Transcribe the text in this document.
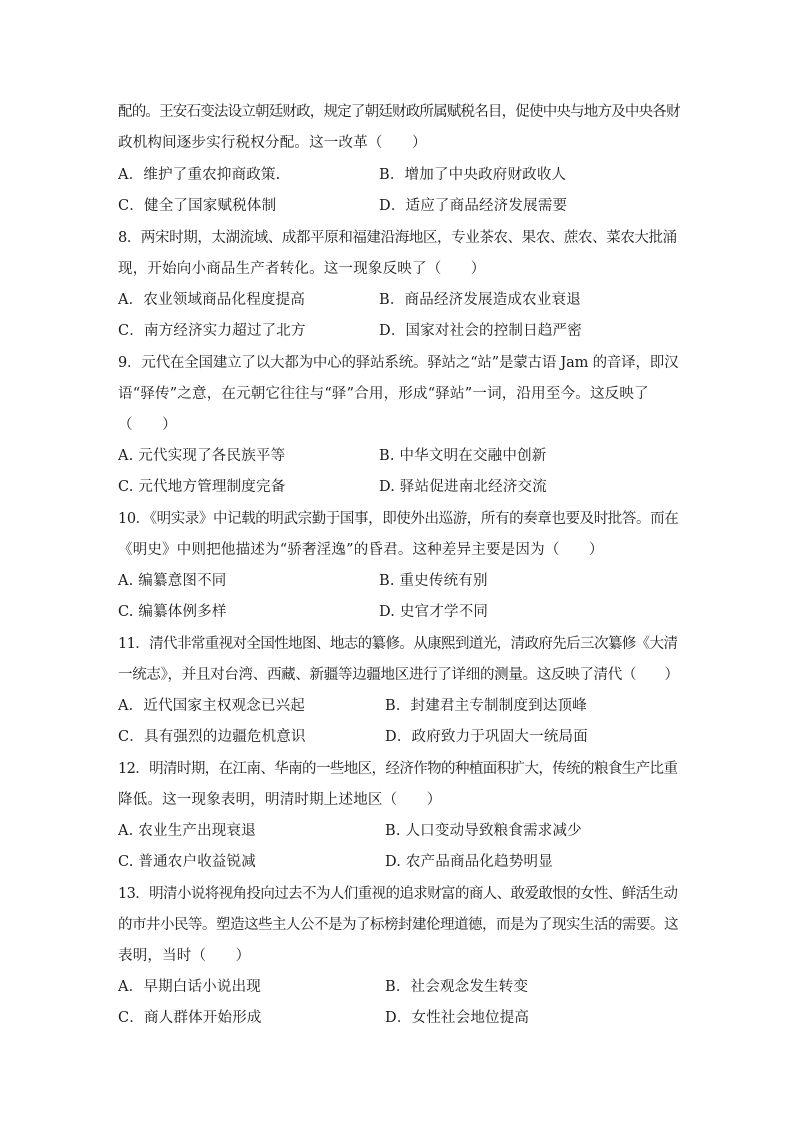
配的。王安石变法设立朝廷财政，规定了朝廷财政所属赋税名目，促使中央与地方及中央各财
政机构间逐步实行税权分配。这一改革（　　）
A．维护了重农抑商政策.	B．增加了中央政府财政收人
C．健全了国家赋税体制	D．适应了商品经济发展需要
8．两宋时期，太湖流域、成都平原和福建沿海地区，专业茶农、果农、蔗农、菜农大批涌
现，开始向小商品生产者转化。这一现象反映了（　　）
A．农业领域商品化程度提高	B．商品经济发展造成农业衰退
C．南方经济实力超过了北方	D．国家对社会的控制日趋严密
9．元代在全国建立了以大都为中心的驿站系统。驿站之“站”是蒙古语 Jam 的音译，即汉
语“驿传”之意，在元朝它往往与“驿”合用，形成“驿站”一词，沿用至今。这反映了
（　　）
A. 元代实现了各民族平等	B. 中华文明在交融中创新
C. 元代地方管理制度完备	D. 驿站促进南北经济交流
10．《明实录》中记载的明武宗勤于国事，即使外出巡游，所有的奏章也要及时批答。而在
《明史》中则把他描述为“骄奢淫逸”的昏君。这种差异主要是因为（　　）
A. 编纂意图不同	B. 重史传统有别
C. 编纂体例多样	D. 史官才学不同
11．清代非常重视对全国性地图、地志的纂修。从康熙到道光，清政府先后三次纂修《大清
一统志》，并且对台湾、西藏、新疆等边疆地区进行了详细的测量。这反映了清代（　　）
A．近代国家主权观念已兴起	B．封建君主专制制度到达顶峰
C．具有强烈的边疆危机意识	D．政府致力于巩固大一统局面
12．明清时期，在江南、华南的一些地区，经济作物的种植面积扩大，传统的粮食生产比重
降低。这一现象表明，明清时期上述地区（　　）
A. 农业生产出现衰退	B. 人口变动导致粮食需求减少
C. 普通农户收益锐减	D. 农产品商品化趋势明显
13．明清小说将视角投向过去不为人们重视的追求财富的商人、敢爱敢恨的女性、鲜活生动
的市井小民等。塑造这些主人公不是为了标榜封建伦理道德，而是为了现实生活的需要。这
表明，当时（　　）
A．早期白话小说出现	B．社会观念发生转变
C．商人群体开始形成	D．女性社会地位提高
